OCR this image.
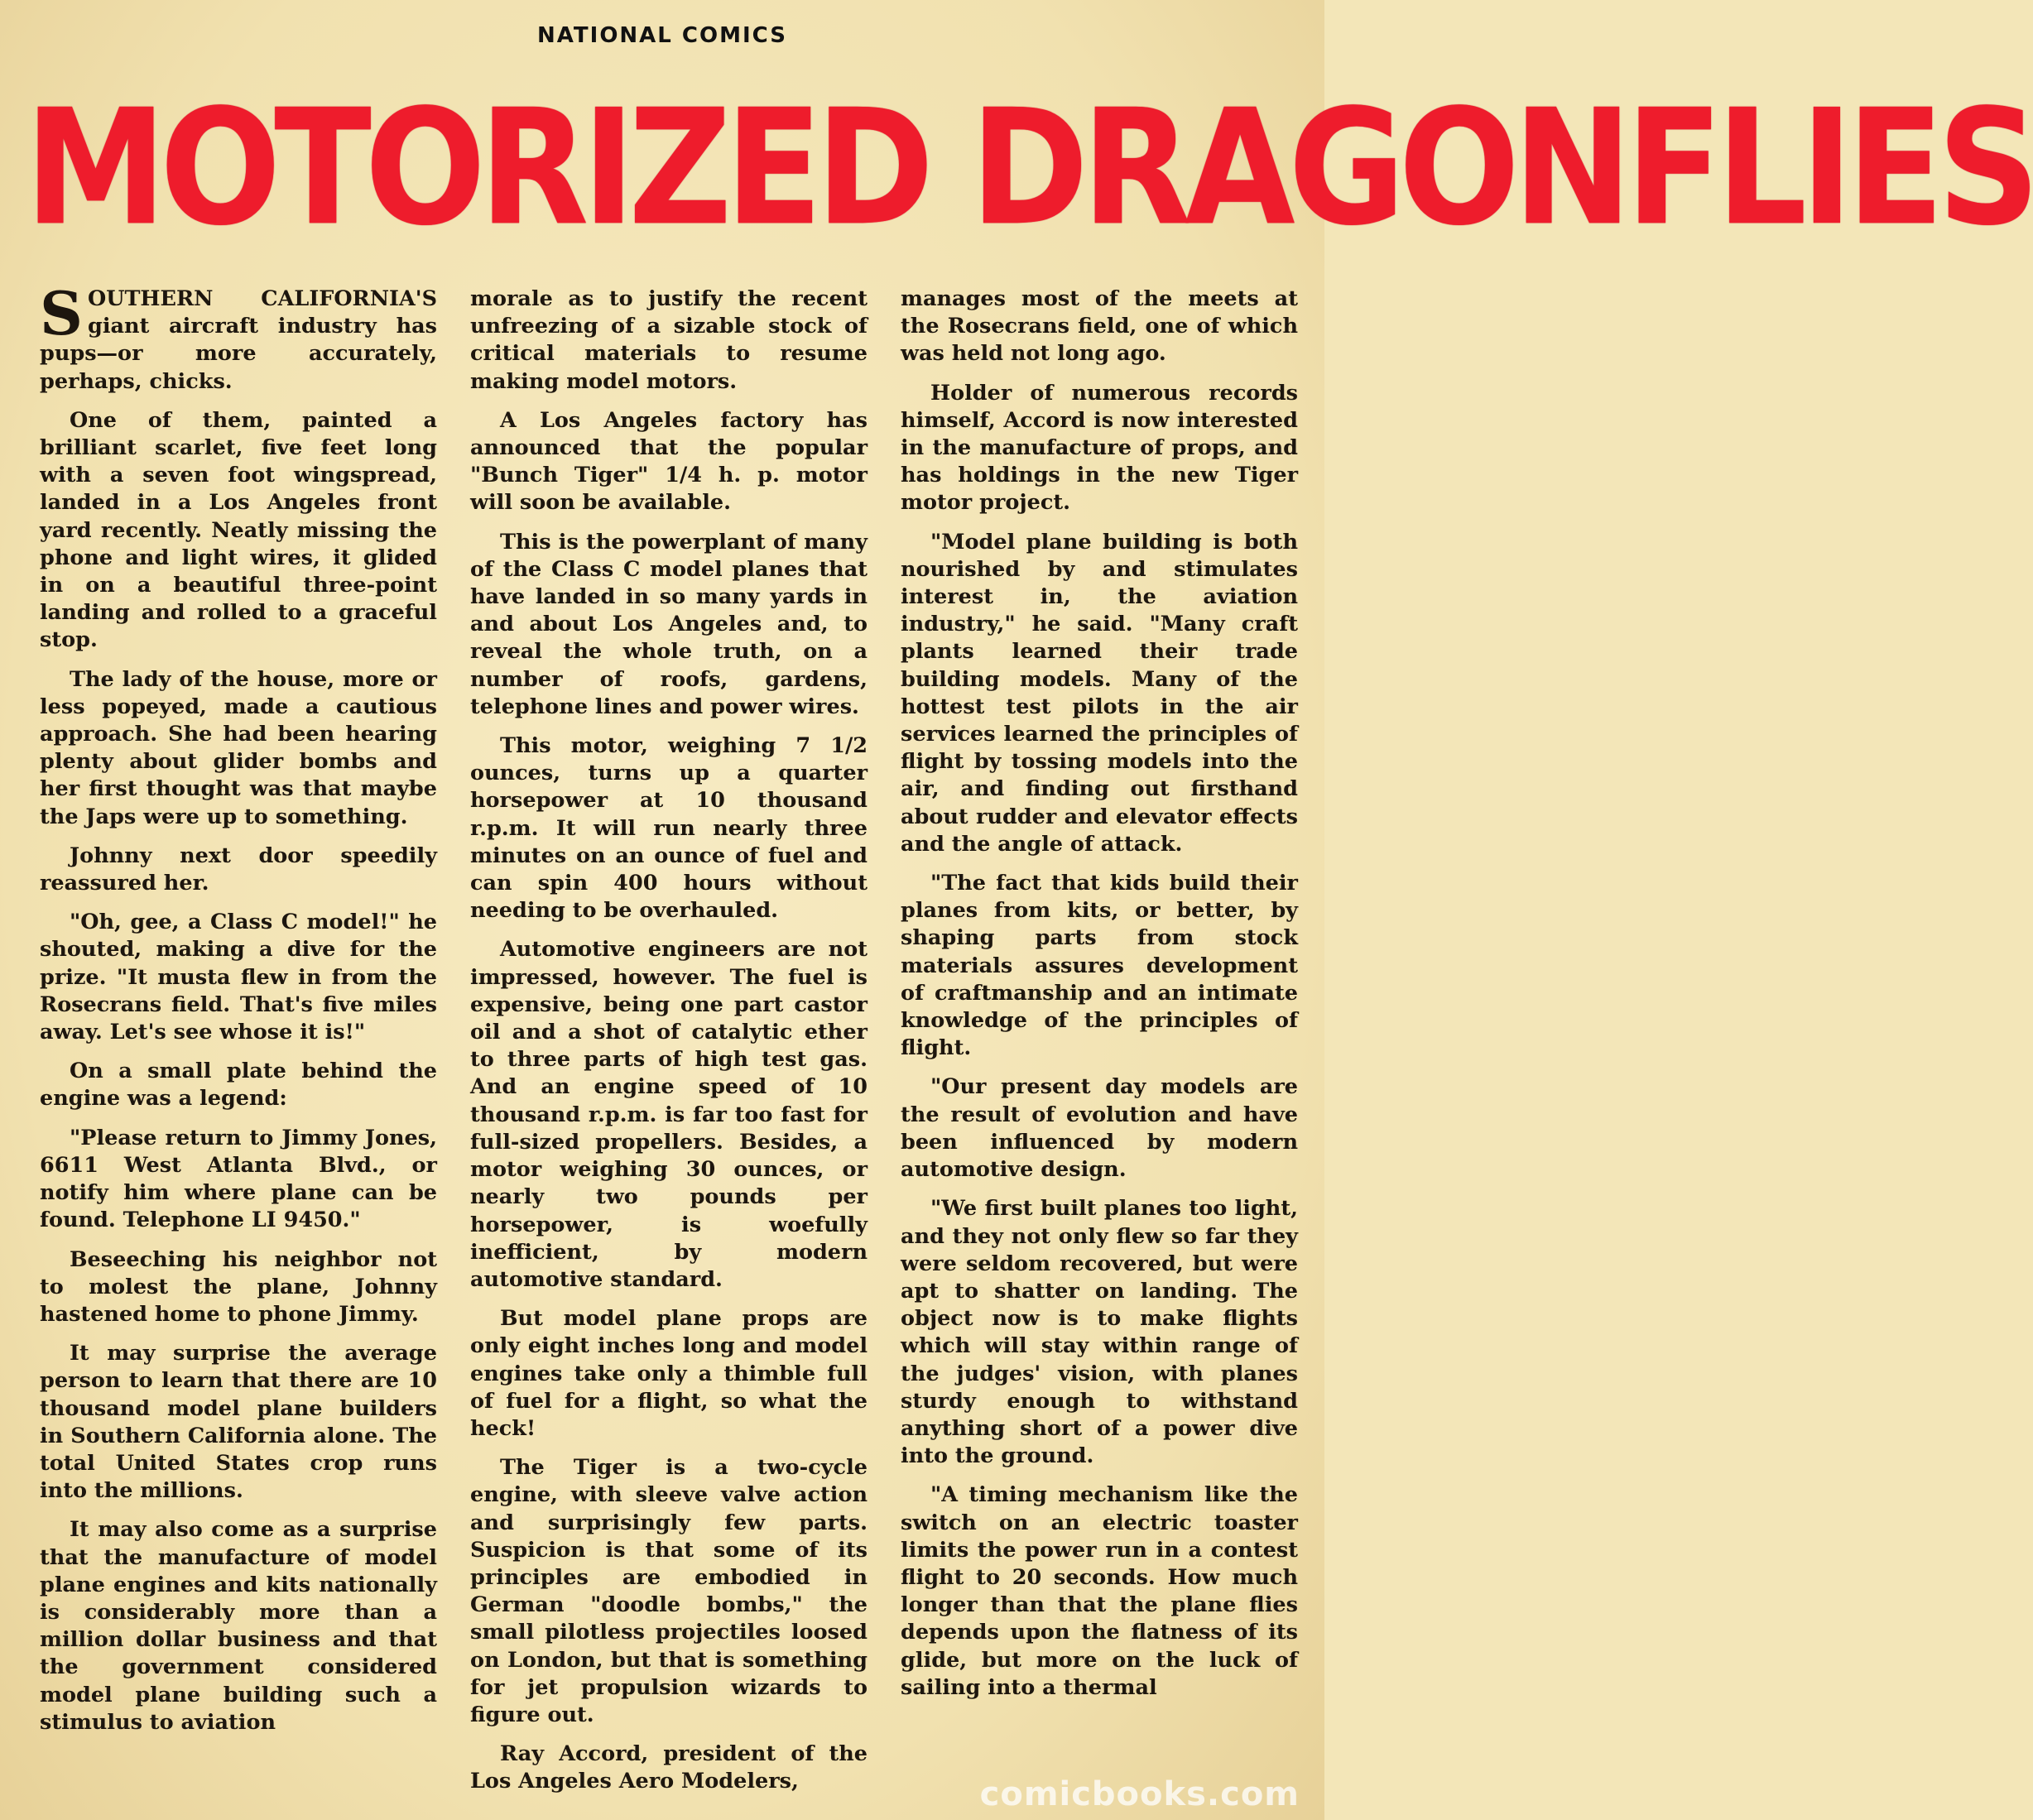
NATIONAL COMICS
MOTORIZED DRAGONFLIES

SOUTHERN CALIFORNIA'S giant aircraft industry has pups—or more accurately, perhaps, chicks.

One of them, painted a brilliant scarlet, five feet long with a seven foot wingspread, landed in a Los Angeles front yard recently. Neatly missing the phone and light wires, it glided in on a beautiful three-point landing and rolled to a graceful stop.

The lady of the house, more or less popeyed, made a cautious approach. She had been hearing plenty about glider bombs and her first thought was that maybe the Japs were up to something.

Johnny next door speedily reassured her.

"Oh, gee, a Class C model!" he shouted, making a dive for the prize. "It musta flew in from the Rosecrans field. That's five miles away. Let's see whose it is!"

On a small plate behind the engine was a legend:

"Please return to Jimmy Jones, 6611 West Atlanta Blvd., or notify him where plane can be found. Telephone LI 9450."

Beseeching his neighbor not to molest the plane, Johnny hastened home to phone Jimmy.

It may surprise the average person to learn that there are 10 thousand model plane builders in Southern California alone. The total United States crop runs into the millions.

It may also come as a surprise that the manufacture of model plane engines and kits nationally is considerably more than a million dollar business and that the government considered model plane building such a stimulus to aviation

morale as to justify the recent unfreezing of a sizable stock of critical materials to resume making model motors.

A Los Angeles factory has announced that the popular "Bunch Tiger" 1/4 h. p. motor will soon be available.

This is the powerplant of many of the Class C model planes that have landed in so many yards in and about Los Angeles and, to reveal the whole truth, on a number of roofs, gardens, telephone lines and power wires.

This motor, weighing 7 1/2 ounces, turns up a quarter horsepower at 10 thousand r.p.m. It will run nearly three minutes on an ounce of fuel and can spin 400 hours without needing to be overhauled.

Automotive engineers are not impressed, however. The fuel is expensive, being one part castor oil and a shot of catalytic ether to three parts of high test gas. And an engine speed of 10 thousand r.p.m. is far too fast for full-sized propellers. Besides, a motor weighing 30 ounces, or nearly two pounds per horsepower, is woefully inefficient, by modern automotive standard.

But model plane props are only eight inches long and model engines take only a thimble full of fuel for a flight, so what the heck!

The Tiger is a two-cycle engine, with sleeve valve action and surprisingly few parts. Suspicion is that some of its principles are embodied in German "doodle bombs," the small pilotless projectiles loosed on London, but that is something for jet propulsion wizards to figure out.

Ray Accord, president of the Los Angeles Aero Modelers,

manages most of the meets at the Rosecrans field, one of which was held not long ago.

Holder of numerous records himself, Accord is now interested in the manufacture of props, and has holdings in the new Tiger motor project.

"Model plane building is both nourished by and stimulates interest in, the aviation industry," he said. "Many craft plants learned their trade building models. Many of the hottest test pilots in the air services learned the principles of flight by tossing models into the air, and finding out firsthand about rudder and elevator effects and the angle of attack.

"The fact that kids build their planes from kits, or better, by shaping parts from stock materials assures development of craftmanship and an intimate knowledge of the principles of flight.

"Our present day models are the result of evolution and have been influenced by modern automotive design.

"We first built planes too light, and they not only flew so far they were seldom recovered, but were apt to shatter on landing. The object now is to make flights which will stay within range of the judges' vision, with planes sturdy enough to withstand anything short of a power dive into the ground.

"A timing mechanism like the switch on an electric toaster limits the power run in a contest flight to 20 seconds. How much longer than that the plane flies depends upon the flatness of its glide, but more on the luck of sailing into a thermal

comicbooks.com
